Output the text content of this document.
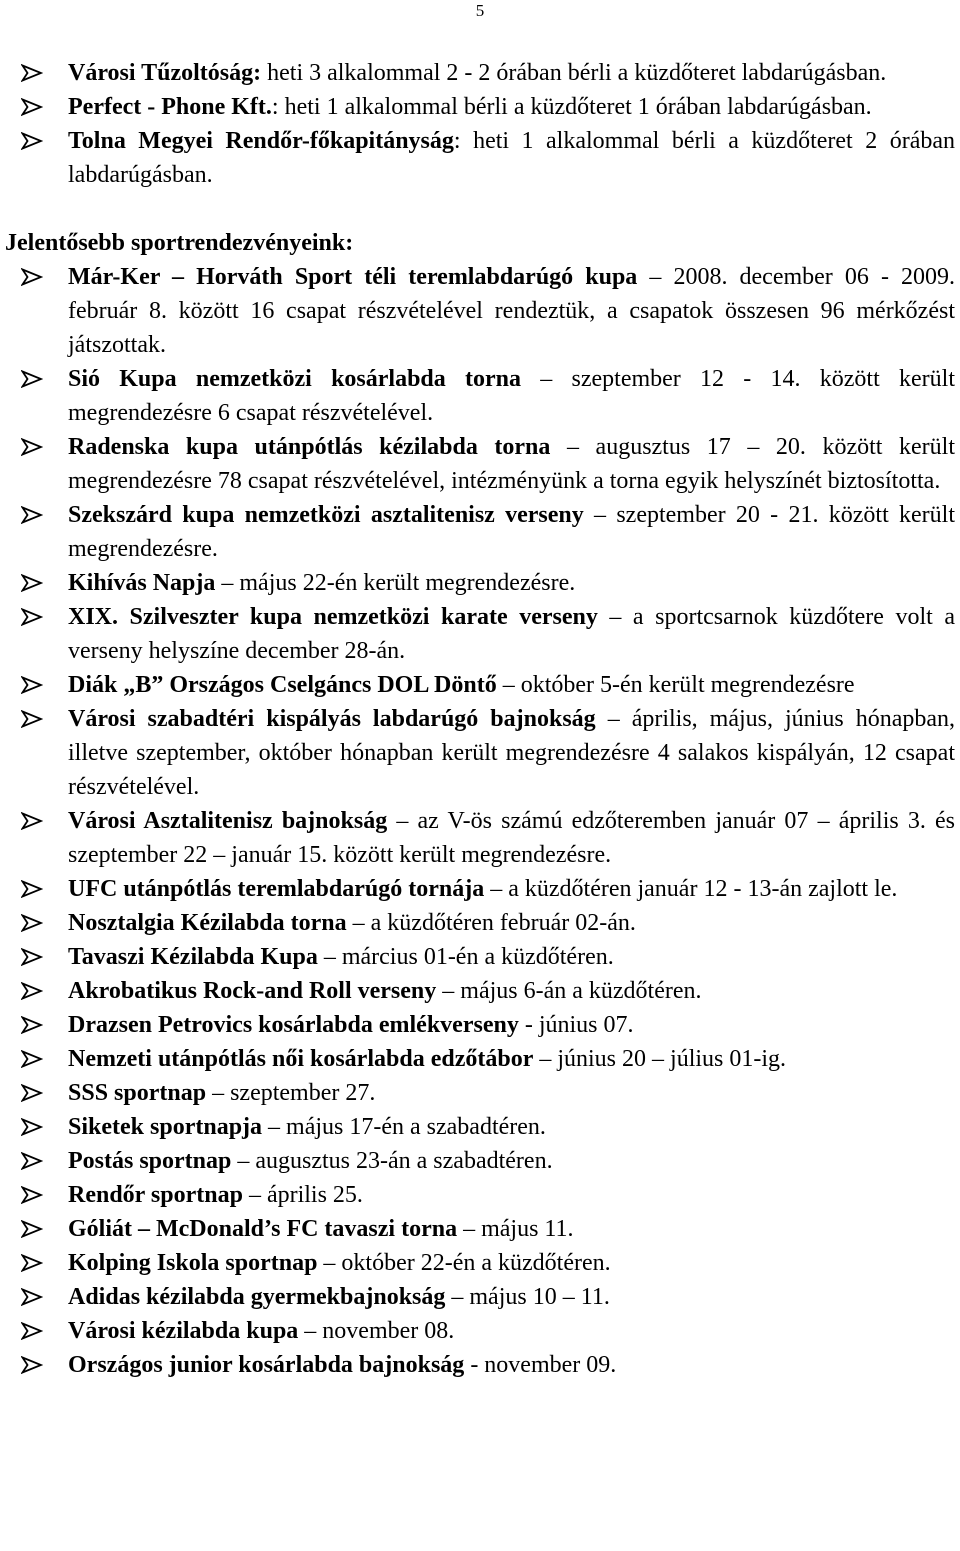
5
Városi Tűzoltóság: heti 3 alkalommal 2 - 2 órában bérli a küzdőteret labdarúgásban.
Perfect - Phone Kft.: heti 1 alkalommal bérli a küzdőteret 1 órában labdarúgásban.
Tolna Megyei Rendőr-főkapitányság: heti 1 alkalommal bérli a küzdőteret 2 órában labdarúgásban.
Jelentősebb sportrendezvényeink:
Már-Ker – Horváth Sport téli teremlabdarúgó kupa – 2008. december 06 - 2009. február 8. között 16 csapat részvételével rendeztük, a csapatok összesen 96 mérkőzést játszottak.
Sió Kupa nemzetközi kosárlabda torna – szeptember 12 - 14. között került megrendezésre 6 csapat részvételével.
Radenska kupa utánpótlás kézilabda torna – augusztus 17 – 20. között került megrendezésre 78 csapat részvételével, intézményünk a torna egyik helyszínét biztosította.
Szekszárd kupa nemzetközi asztalitenisz verseny – szeptember 20 - 21. között került megrendezésre.
Kihívás Napja – május 22-én került megrendezésre.
XIX. Szilveszter kupa nemzetközi karate verseny – a sportcsarnok küzdőtere volt a verseny helyszíne december 28-án.
Diák „B” Országos Cselgáncs DOL Döntő – október 5-én került megrendezésre
Városi szabadtéri kispályás labdarúgó bajnokság – április, május, június hónapban, illetve szeptember, október hónapban került megrendezésre 4 salakos kispályán, 12 csapat részvételével.
Városi Asztalitenisz bajnokság – az V-ös számú edzőteremben január 07 – április 3. és szeptember 22 – január 15. között került megrendezésre.
UFC utánpótlás teremlabdarúgó tornája – a küzdőtéren január 12 - 13-án zajlott le.
Nosztalgia Kézilabda torna – a küzdőtéren február 02-án.
Tavaszi Kézilabda Kupa – március 01-én a küzdőtéren.
Akrobatikus Rock-and Roll verseny – május 6-án a küzdőtéren.
Drazsen Petrovics kosárlabda emlékverseny - június 07.
Nemzeti utánpótlás női kosárlabda edzőtábor – június 20 – július 01-ig.
SSS sportnap – szeptember 27.
Siketek sportnapja – május 17-én a szabadtéren.
Postás sportnap – augusztus 23-án a szabadtéren.
Rendőr sportnap – április 25.
Góliát – McDonald’s FC tavaszi torna – május 11.
Kolping Iskola sportnap – október 22-én a küzdőtéren.
Adidas kézilabda gyermekbajnokság – május 10 – 11.
Városi kézilabda kupa – november 08.
Országos junior kosárlabda bajnokság - november 09.
